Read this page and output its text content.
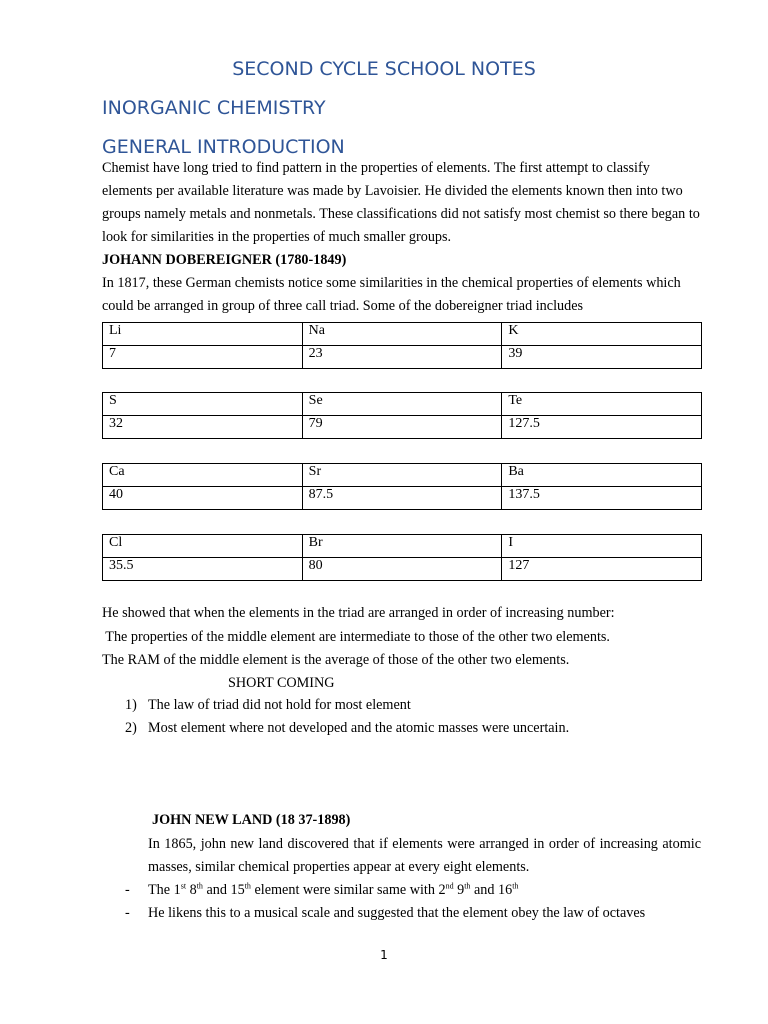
SECOND CYCLE SCHOOL NOTES
INORGANIC CHEMISTRY
GENERAL INTRODUCTION

Chemist have long tried to find pattern in the properties of elements. The first attempt to classify elements per available literature was made by Lavoisier. He divided the elements known then into two groups namely metals and nonmetals. These classifications did not satisfy most chemist so there began to look for similarities in the properties of much smaller groups.

JOHANN DOBEREIGNER (1780-1849)

In 1817, these German chemists notice some similarities in the chemical properties of elements which could be arranged in group of three call triad. Some of the dobereigner triad includes

Li	Na	K
7	23	39
S	Se	Te
32	79	127.5
Ca	Sr	Ba
40	87.5	137.5
Cl	Br	I
35.5	80	127

He showed that when the elements in the triad are arranged in order of increasing number:

The properties of the middle element are intermediate to those of the other two elements.

The RAM of the middle element is the average of those of the other two elements.

SHORT COMING
1) The law of triad did not hold for most element
2) Most element where not developed and the atomic masses were uncertain.

JOHN NEW LAND (18 37-1898)

In 1865, john new land discovered that if elements were arranged in order of increasing atomic masses, similar chemical properties appear at every eight elements.

- The 1st 8th and 15th element were similar same with 2nd 9th and 16th
- He likens this to a musical scale and suggested that the element obey the law of octaves
1
